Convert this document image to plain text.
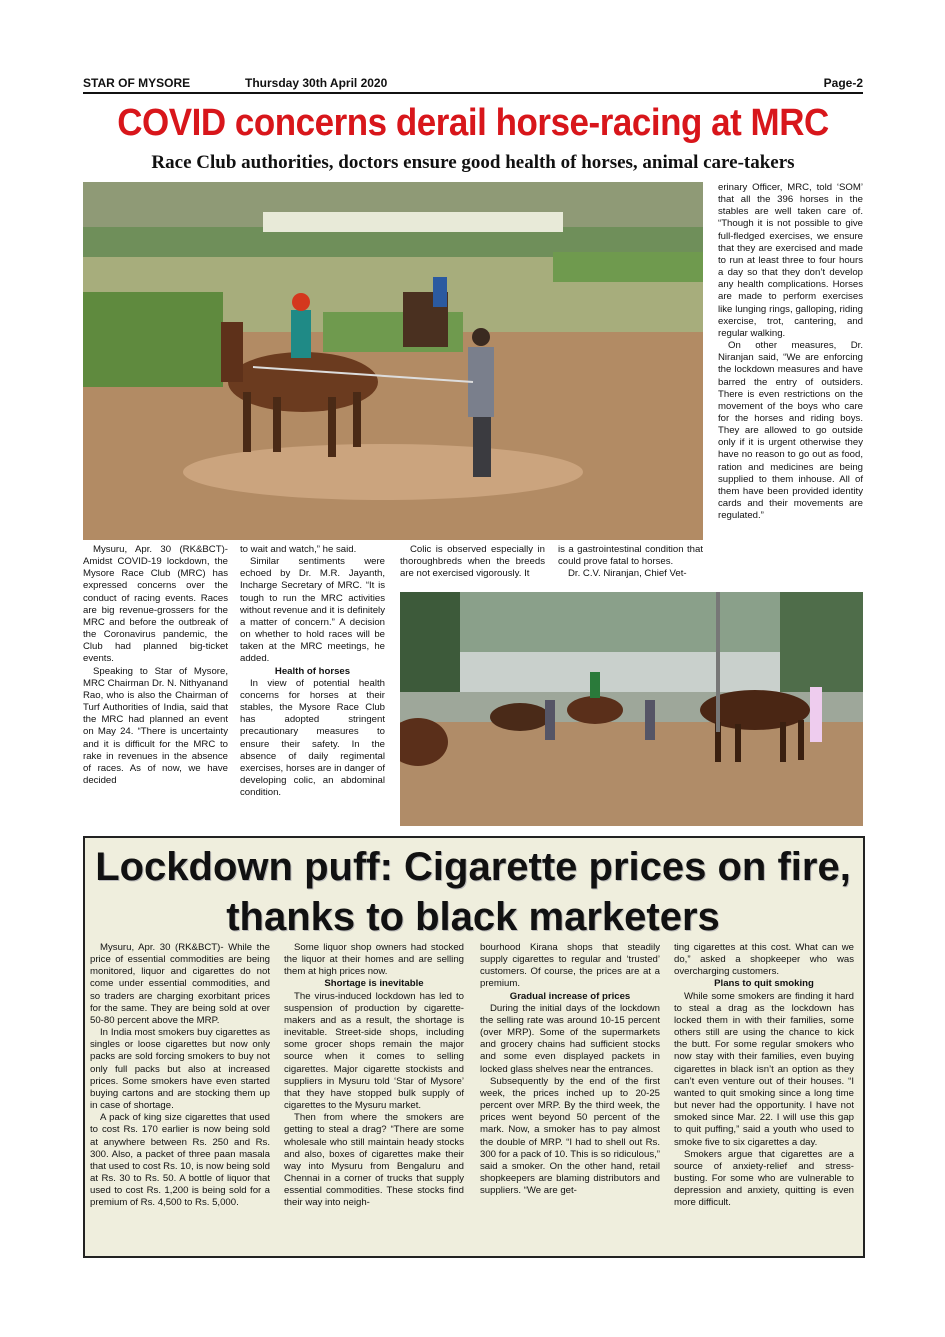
STAR OF MYSORE	Thursday 30th April 2020	Page-2
COVID concerns derail horse-racing at MRC
Race Club authorities, doctors ensure good health of horses, animal care-takers

erinary Officer, MRC, told ‘SOM’ that all the 396 horses in the stables are well taken care of. “Though it is not possible to give full-fledged exercises, we ensure that they are exercised and made to run at least three to four hours a day so that they don’t develop any health complications. Horses are made to perform exercises like lunging rings, galloping, riding exercise, trot, cantering, and regular walking.

On other measures, Dr. Niranjan said, “We are enforcing the lockdown measures and have barred the entry of outsiders. There is even restrictions on the movement of the boys who care for the horses and riding boys. They are allowed to go outside only if it is urgent otherwise they have no reason to go out as food, ration and medicines are being supplied to them inhouse. All of them have been provided identity cards and their movements are regulated.”

Mysuru, Apr. 30 (RK&BCT)- Amidst COVID-19 lockdown, the Mysore Race Club (MRC) has expressed concerns over the conduct of racing events. Races are big revenue-grossers for the MRC and before the outbreak of the Coronavirus pandemic, the Club had planned big-ticket events.

Speaking to Star of Mysore, MRC Chairman Dr. N. Nithyanand Rao, who is also the Chairman of Turf Authorities of India, said that the MRC had planned an event on May 24. “There is uncertainty and it is difficult for the MRC to rake in revenues in the absence of races. As of now, we have decided

to wait and watch,” he said.

Similar sentiments were echoed by Dr. M.R. Jayanth, Incharge Secretary of MRC. “It is tough to run the MRC activities without revenue and it is definitely a matter of concern.” A decision on whether to hold races will be taken at the MRC meetings, he added.

Health of horses

In view of potential health concerns for horses at their stables, the Mysore Race Club has adopted stringent precautionary measures to ensure their safety. In the absence of daily regimental exercises, horses are in danger of developing colic, an abdominal condition.

Colic is observed especially in thoroughbreds when the breeds are not exercised vigorously. It

is a gastrointestinal condition that could prove fatal to horses.

Dr. C.V. Niranjan, Chief Vet-

Lockdown puff: Cigarette prices on fire,
thanks to black marketers

Mysuru, Apr. 30 (RK&BCT)- While the price of essential commodities are being monitored, liquor and cigarettes do not come under essential commodities, and so traders are charging exorbitant prices for the same. They are being sold at over 50-80 percent above the MRP.

In India most smokers buy cigarettes as singles or loose cigarettes but now only packs are sold forcing smokers to buy not only full packs but also at increased prices. Some smokers have even started buying cartons and are stocking them up in case of shortage.

A pack of king size cigarettes that used to cost Rs. 170 earlier is now being sold at anywhere between Rs. 250 and Rs. 300. Also, a packet of three paan masala that used to cost Rs. 10, is now being sold at Rs. 30 to Rs. 50. A bottle of liquor that used to cost Rs. 1,200 is being sold for a premium of Rs. 4,500 to Rs. 5,000.

Some liquor shop owners had stocked the liquor at their homes and are selling them at high prices now.

Shortage is inevitable

The virus-induced lockdown has led to suspension of production by cigarette-makers and as a result, the shortage is inevitable. Street-side shops, including some grocer shops remain the major source when it comes to selling cigarettes. Major cigarette stockists and suppliers in Mysuru told ‘Star of Mysore’ that they have stopped bulk supply of cigarettes to the Mysuru market.

Then from where the smokers are getting to steal a drag? “There are some wholesale who still maintain heady stocks and also, boxes of cigarettes make their way into Mysuru from Bengaluru and Chennai in a corner of trucks that supply essential commodities. These stocks find their way into neigh-

bourhood Kirana shops that steadily supply cigarettes to regular and ‘trusted’ customers. Of course, the prices are at a premium.

Gradual increase of prices

During the initial days of the lockdown the selling rate was around 10-15 percent (over MRP). Some of the supermarkets and grocery chains had sufficient stocks and some even displayed packets in locked glass shelves near the entrances.

Subsequently by the end of the first week, the prices inched up to 20-25 percent over MRP. By the third week, the prices went beyond 50 percent of the mark. Now, a smoker has to pay almost the double of MRP. “I had to shell out Rs. 300 for a pack of 10. This is so ridiculous,” said a smoker. On the other hand, retail shopkeepers are blaming distributors and suppliers. “We are get-

ting cigarettes at this cost. What can we do,” asked a shopkeeper who was overcharging customers.

Plans to quit smoking

While some smokers are finding it hard to steal a drag as the lockdown has locked them in with their families, some others still are using the chance to kick the butt. For some regular smokers who now stay with their families, even buying cigarettes in black isn’t an option as they can’t even venture out of their houses. “I wanted to quit smoking since a long time but never had the opportunity. I have not smoked since Mar. 22. I will use this gap to quit puffing,” said a youth who used to smoke five to six cigarettes a day.

Smokers argue that cigarettes are a source of anxiety-relief and stress-busting. For some who are vulnerable to depression and anxiety, quitting is even more difficult.
